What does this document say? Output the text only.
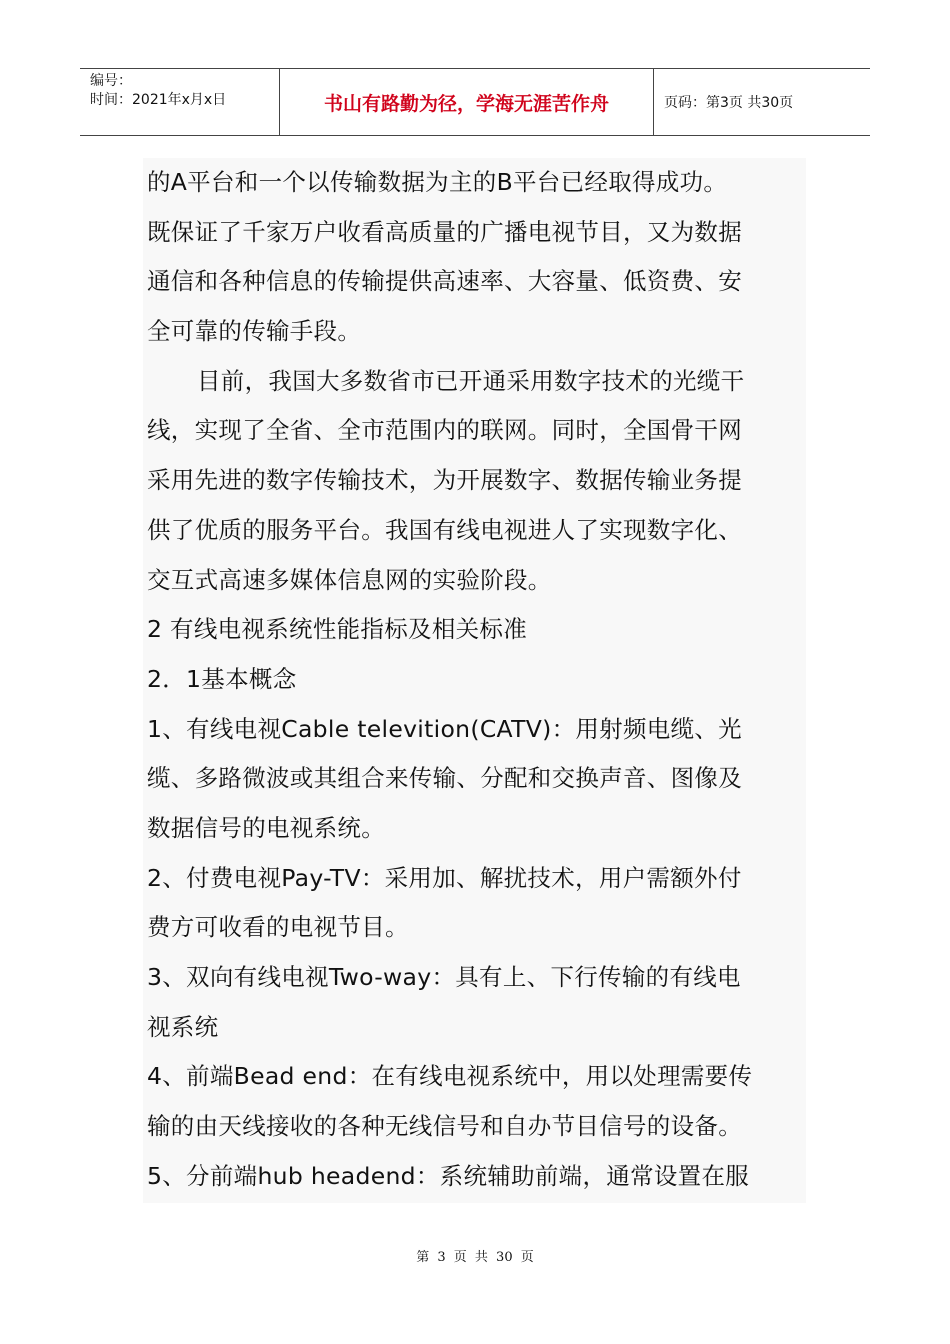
编号：
时间：2021年x月x日	书山有路勤为径，学海无涯苦作舟	页码：第3页 共30页
的A平台和一个以传输数据为主的B平台已经取得成功。
既保证了千家万户收看高质量的广播电视节目，又为数据
通信和各种信息的传输提供高速率、大容量、低资费、安
全可靠的传输手段。
目前，我国大多数省市已开通采用数字技术的光缆干
线，实现了全省、全市范围内的联网。同时，全国骨干网
采用先进的数字传输技术，为开展数字、数据传输业务提
供了优质的服务平台。我国有线电视进人了实现数字化、
交互式高速多媒体信息网的实验阶段。
2 有线电视系统性能指标及相关标准
2．1基本概念
1、有线电视Cable televition(CATV)：用射频电缆、光
缆、多路微波或其组合来传输、分配和交换声音、图像及
数据信号的电视系统。
2、付费电视Pay-TV：采用加、解扰技术，用户需额外付
费方可收看的电视节目。
3、双向有线电视Two-way：具有上、下行传输的有线电
视系统
4、前端Bead end：在有线电视系统中，用以处理需要传
输的由天线接收的各种无线信号和自办节目信号的设备。
5、分前端hub headend：系统辅助前端，通常设置在服
第 3 页 共 30 页
